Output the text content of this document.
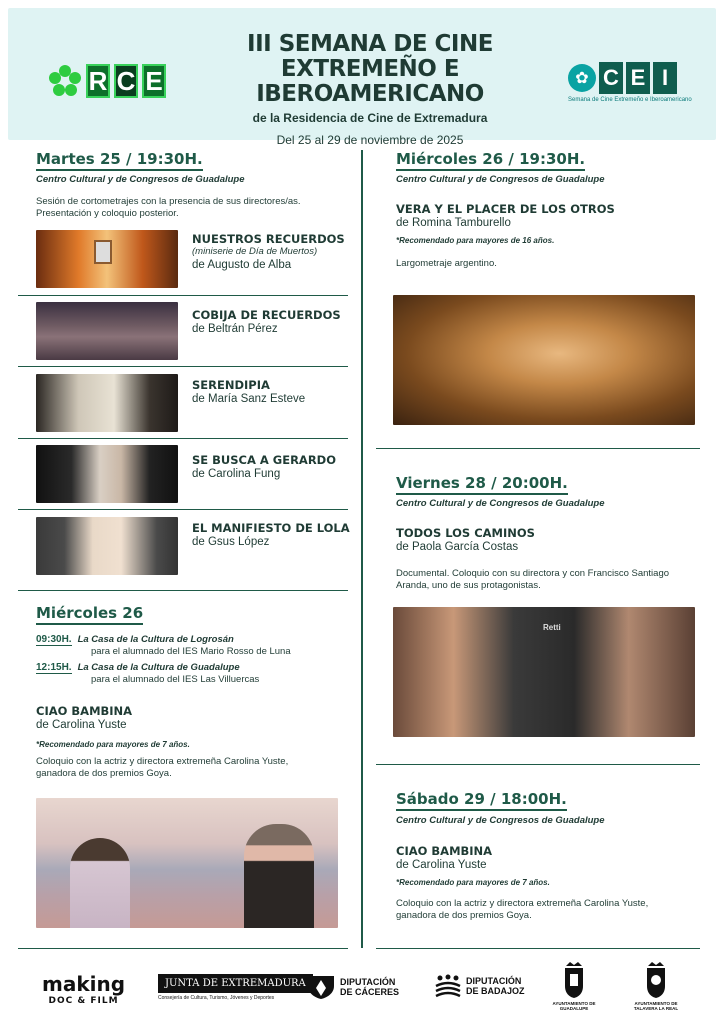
R C E
III SEMANA DE CINE
EXTREMEÑO E
IBEROAMERICANO
de la Residencia de Cine de Extremadura
Del 25 al 29 de noviembre de 2025
✿ C E I
Semana de Cine Extremeño e Iberoamericano
Martes 25 / 19:30H.
Centro Cultural y de Congresos de Guadalupe
Sesión de cortometrajes con la presencia de sus directores/as. Presentación y coloquio posterior.
NUESTROS RECUERDOS
(miniserie de Día de Muertos)
de Augusto de Alba
COBIJA DE RECUERDOS
de Beltrán Pérez
SERENDIPIA
de María Sanz Esteve
SE BUSCA A GERARDO
de Carolina Fung
EL MANIFIESTO DE LOLA
de Gsus López
Miércoles 26
09:30H. La Casa de la Cultura de Logrosán
para el alumnado del IES Mario Rosso de Luna
12:15H. La Casa de la Cultura de Guadalupe
para el alumnado del IES Las Villuercas
CIAO BAMBINA
de Carolina Yuste
*Recomendado para mayores de 7 años.
Coloquio con la actriz y directora extremeña Carolina Yuste, ganadora de dos premios Goya.
Miércoles 26 / 19:30H.
Centro Cultural y de Congresos de Guadalupe
VERA Y EL PLACER DE LOS OTROS
de Romina Tamburello
*Recomendado para mayores de 16 años.
Largometraje argentino.
Viernes 28 / 20:00H.
Centro Cultural y de Congresos de Guadalupe
TODOS LOS CAMINOS
de Paola García Costas
Documental. Coloquio con su directora y con Francisco Santiago Aranda, uno de sus protagonistas.
Retti
Sábado 29 / 18:00H.
Centro Cultural y de Congresos de Guadalupe
CIAO BAMBINA
de Carolina Yuste
*Recomendado para mayores de 7 años.
Coloquio con la actriz y directora extremeña Carolina Yuste, ganadora de dos premios Goya.
making
DOC & FILM
JUNTA DE EXTREMADURA
Consejería de Cultura, Turismo, Jóvenes y Deportes
DIPUTACIÓN
DE CÁCERES
DIPUTACIÓN
DE BADAJOZ
AYUNTAMIENTO DE
GUADALUPE
AYUNTAMIENTO DE
TALAVERA LA REAL
